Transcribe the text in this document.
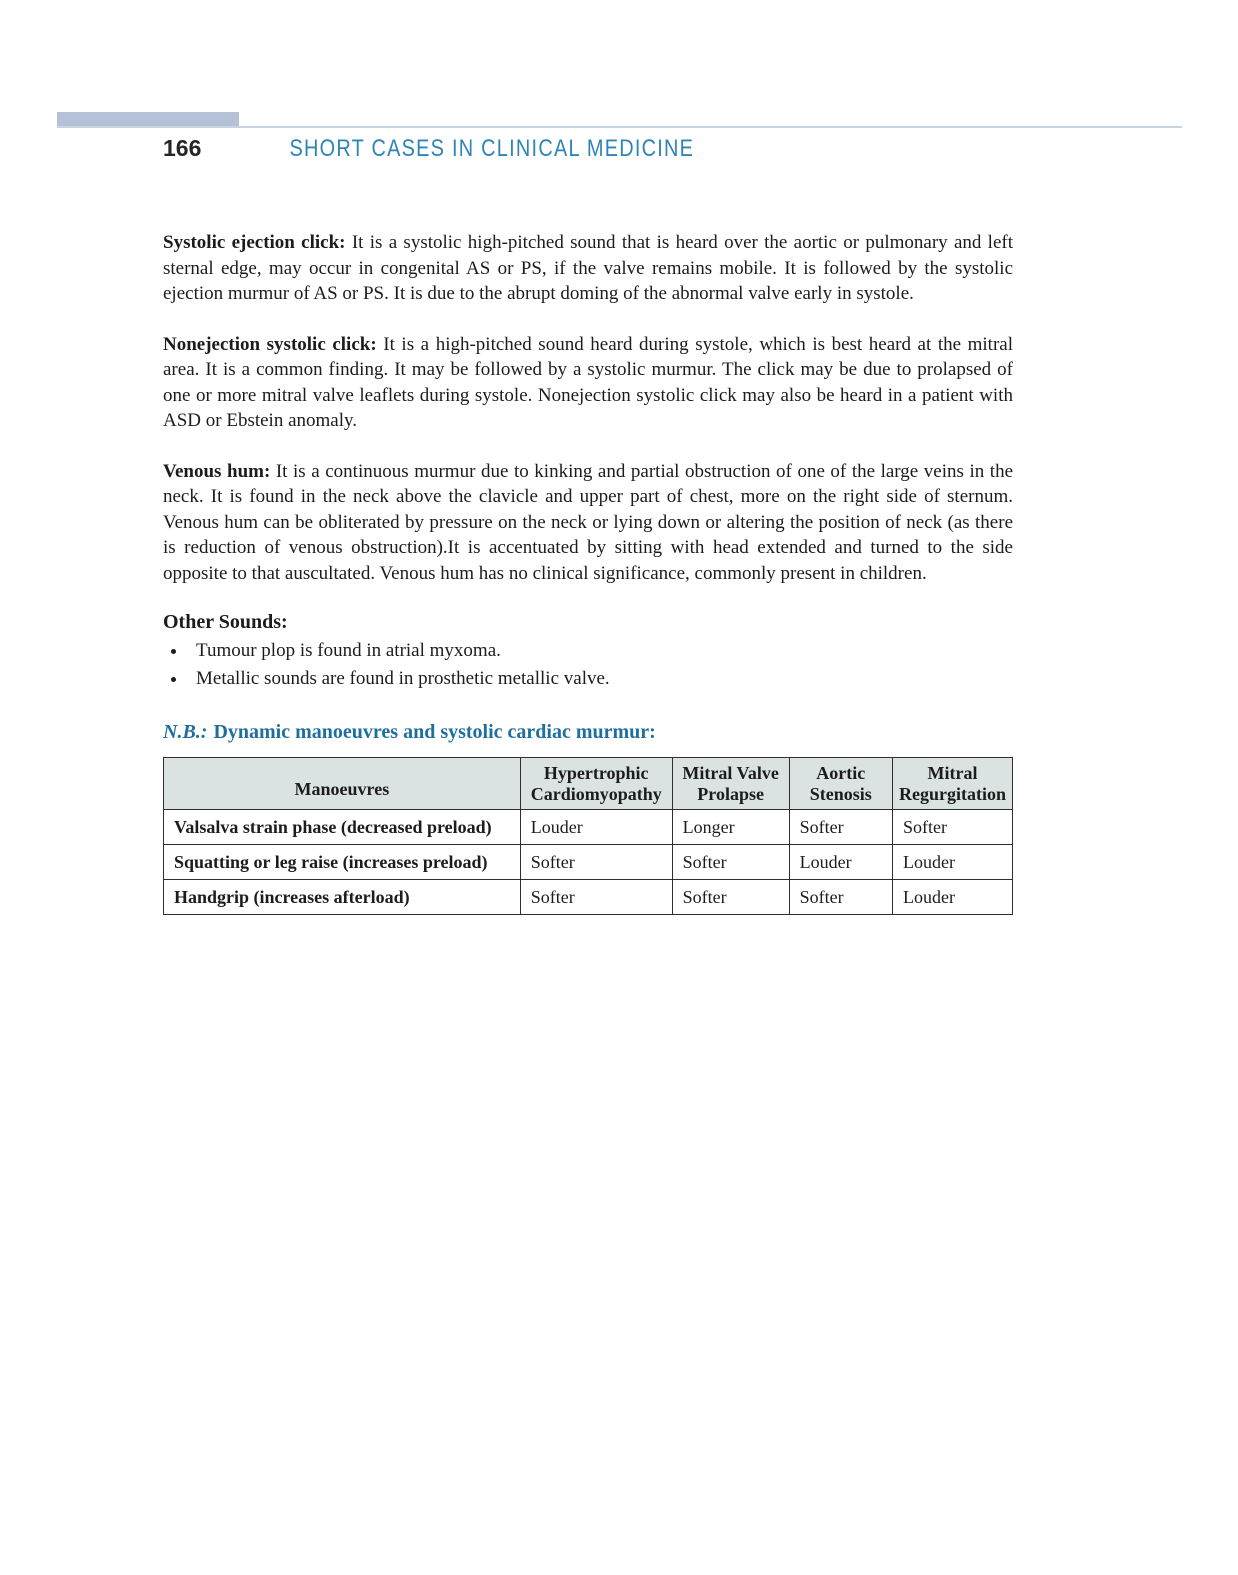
166	SHORT CASES IN CLINICAL MEDICINE

Systolic ejection click: It is a systolic high-pitched sound that is heard over the aortic or pulmonary and left sternal edge, may occur in congenital AS or PS, if the valve remains mobile. It is followed by the systolic ejection murmur of AS or PS. It is due to the abrupt doming of the abnormal valve early in systole.

Nonejection systolic click: It is a high-pitched sound heard during systole, which is best heard at the mitral area. It is a common finding. It may be followed by a systolic murmur. The click may be due to prolapsed of one or more mitral valve leaflets during systole. Nonejection systolic click may also be heard in a patient with ASD or Ebstein anomaly.

Venous hum: It is a continuous murmur due to kinking and partial obstruction of one of the large veins in the neck. It is found in the neck above the clavicle and upper part of chest, more on the right side of sternum. Venous hum can be obliterated by pressure on the neck or lying down or altering the position of neck (as there is reduction of venous obstruction).It is accentuated by sitting with head extended and turned to the side opposite to that auscultated. Venous hum has no clinical significance, commonly present in children.

Other Sounds:
Tumour plop is found in atrial myxoma.
Metallic sounds are found in prosthetic metallic valve.

N.B.: Dynamic manoeuvres and systolic cardiac murmur:

Manoeuvres	Hypertrophic Cardiomyopathy	Mitral Valve Prolapse	Aortic Stenosis	Mitral Regurgitation
Valsalva strain phase (decreased preload)	Louder	Longer	Softer	Softer
Squatting or leg raise (increases preload)	Softer	Softer	Louder	Louder
Handgrip (increases afterload)	Softer	Softer	Softer	Louder
